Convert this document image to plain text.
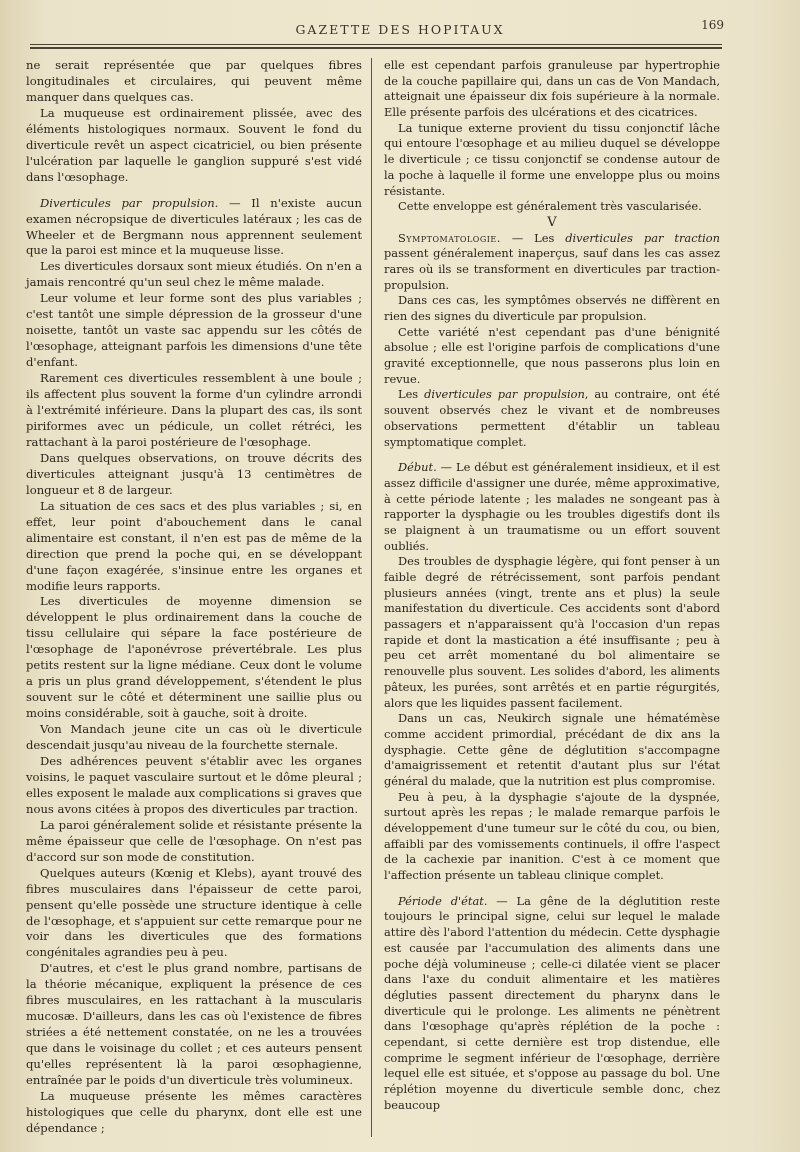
GAZETTE DES HOPITAUX	169

ne serait représentée que par quelques fibres longitudinales et circulaires, qui peuvent même manquer dans quelques cas.

La muqueuse est ordinairement plissée, avec des éléments histologiques normaux. Souvent le fond du diverticule revêt un aspect cicatriciel, ou bien présente l'ulcération par laquelle le ganglion suppuré s'est vidé dans l'œsophage.

Diverticules par propulsion. — Il n'existe aucun examen nécropsique de diverticules latéraux ; les cas de Wheeler et de Bergmann nous apprennent seulement que la paroi est mince et la muqueuse lisse.

Les diverticules dorsaux sont mieux étudiés. On n'en a jamais rencontré qu'un seul chez le même malade.

Leur volume et leur forme sont des plus variables ; c'est tantôt une simple dépression de la grosseur d'une noisette, tantôt un vaste sac appendu sur les côtés de l'œsophage, atteignant parfois les dimensions d'une tête d'enfant.

Rarement ces diverticules ressemblent à une boule ; ils affectent plus souvent la forme d'un cylindre arrondi à l'extrémité inférieure. Dans la plupart des cas, ils sont piriformes avec un pédicule, un collet rétréci, les rattachant à la paroi postérieure de l'œsophage.

Dans quelques observations, on trouve décrits des diverticules atteignant jusqu'à 13 centimètres de longueur et 8 de largeur.

La situation de ces sacs et des plus variables ; si, en effet, leur point d'abouchement dans le canal alimentaire est constant, il n'en est pas de même de la direction que prend la poche qui, en se développant d'une façon exagérée, s'insinue entre les organes et modifie leurs rapports.

Les diverticules de moyenne dimension se développent le plus ordinairement dans la couche de tissu cellulaire qui sépare la face postérieure de l'œsophage de l'aponévrose prévertébrale. Les plus petits restent sur la ligne médiane. Ceux dont le volume a pris un plus grand développement, s'étendent le plus souvent sur le côté et déterminent une saillie plus ou moins considérable, soit à gauche, soit à droite.

Von Mandach jeune cite un cas où le diverticule descendait jusqu'au niveau de la fourchette sternale.

Des adhérences peuvent s'établir avec les organes voisins, le paquet vasculaire surtout et le dôme pleural ; elles exposent le malade aux complications si graves que nous avons citées à propos des diverticules par traction.

La paroi généralement solide et résistante présente la même épaisseur que celle de l'œsophage. On n'est pas d'accord sur son mode de constitution.

Quelques auteurs (Kœnig et Klebs), ayant trouvé des fibres musculaires dans l'épaisseur de cette paroi, pensent qu'elle possède une structure identique à celle de l'œsophage, et s'appuient sur cette remarque pour ne voir dans les diverticules que des formations congénitales agrandies peu à peu.

D'autres, et c'est le plus grand nombre, partisans de la théorie mécanique, expliquent la présence de ces fibres musculaires, en les rattachant à la muscularis mucosæ. D'ailleurs, dans les cas où l'existence de fibres striées a été nettement constatée, on ne les a trouvées que dans le voisinage du collet ; et ces auteurs pensent qu'elles représentent là la paroi œsophagienne, entraînée par le poids d'un diverticule très volumineux.

La muqueuse présente les mêmes caractères histologiques que celle du pharynx, dont elle est une dépendance ;

elle est cependant parfois granuleuse par hypertrophie de la couche papillaire qui, dans un cas de Von Mandach, atteignait une épaisseur dix fois supérieure à la normale. Elle présente parfois des ulcérations et des cicatrices.

La tunique externe provient du tissu conjonctif lâche qui entoure l'œsophage et au milieu duquel se développe le diverticule ; ce tissu conjonctif se condense autour de la poche à laquelle il forme une enveloppe plus ou moins résistante.

Cette enveloppe est généralement très vascularisée.

V

Symptomatologie. — Les diverticules par traction passent généralement inaperçus, sauf dans les cas assez rares où ils se transforment en diverticules par traction-propulsion.

Dans ces cas, les symptômes observés ne diffèrent en rien des signes du diverticule par propulsion.

Cette variété n'est cependant pas d'une bénignité absolue ; elle est l'origine parfois de complications d'une gravité exceptionnelle, que nous passerons plus loin en revue.

Les diverticules par propulsion, au contraire, ont été souvent observés chez le vivant et de nombreuses observations permettent d'établir un tableau symptomatique complet.

Début. — Le début est généralement insidieux, et il est assez difficile d'assigner une durée, même approximative, à cette période latente ; les malades ne songeant pas à rapporter la dysphagie ou les troubles digestifs dont ils se plaignent à un traumatisme ou un effort souvent oubliés.

Des troubles de dysphagie légère, qui font penser à un faible degré de rétrécissement, sont parfois pendant plusieurs années (vingt, trente ans et plus) la seule manifestation du diverticule. Ces accidents sont d'abord passagers et n'apparaissent qu'à l'occasion d'un repas rapide et dont la mastication a été insuffisante ; peu à peu cet arrêt momentané du bol alimentaire se renouvelle plus souvent. Les solides d'abord, les aliments pâteux, les purées, sont arrêtés et en partie régurgités, alors que les liquides passent facilement.

Dans un cas, Neukirch signale une hématémèse comme accident primordial, précédant de dix ans la dysphagie. Cette gêne de déglutition s'accompagne d'amaigrissement et retentit d'autant plus sur l'état général du malade, que la nutrition est plus compromise.

Peu à peu, à la dysphagie s'ajoute de la dyspnée, surtout après les repas ; le malade remarque parfois le développement d'une tumeur sur le côté du cou, ou bien, affaibli par des vomissements continuels, il offre l'aspect de la cachexie par inanition. C'est à ce moment que l'affection présente un tableau clinique complet.

Période d'état. — La gêne de la déglutition reste toujours le principal signe, celui sur lequel le malade attire dès l'abord l'attention du médecin. Cette dysphagie est causée par l'accumulation des aliments dans une poche déjà volumineuse ; celle-ci dilatée vient se placer dans l'axe du conduit alimentaire et les matières dégluties passent directement du pharynx dans le diverticule qui le prolonge. Les aliments ne pénètrent dans l'œsophage qu'après réplétion de la poche : cependant, si cette dernière est trop distendue, elle comprime le segment inférieur de l'œsophage, derrière lequel elle est située, et s'oppose au passage du bol. Une réplétion moyenne du diverticule semble donc, chez beaucoup
